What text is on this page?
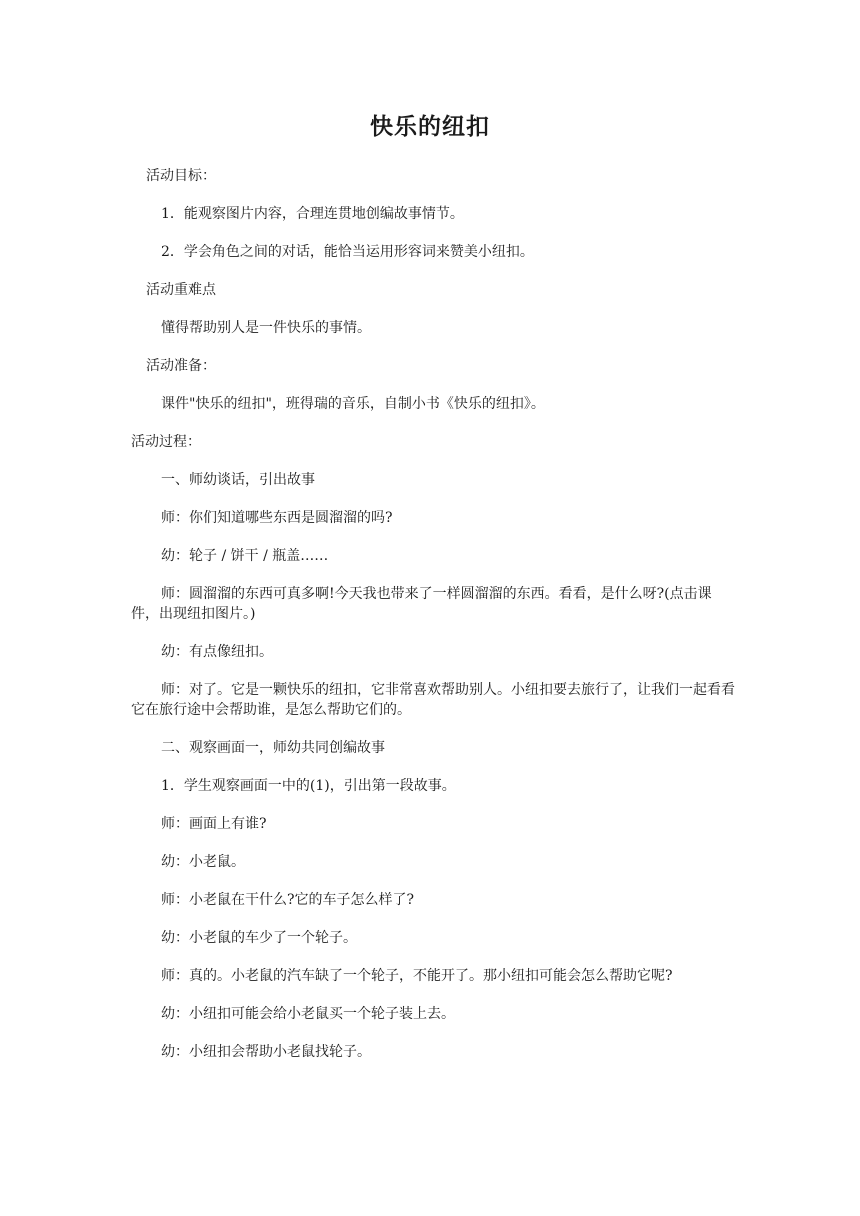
快乐的纽扣

活动目标：

1．能观察图片内容，合理连贯地创编故事情节。

2．学会角色之间的对话，能恰当运用形容词来赞美小纽扣。

活动重难点

懂得帮助别人是一件快乐的事情。

活动准备：

课件"快乐的纽扣"，班得瑞的音乐，自制小书《快乐的纽扣》。

活动过程：

一、师幼谈话，引出故事

师：你们知道哪些东西是圆溜溜的吗?

幼：轮子 / 饼干 / 瓶盖……

师：圆溜溜的东西可真多啊!今天我也带来了一样圆溜溜的东西。看看，是什么呀?(点击课件，出现纽扣图片。)

幼：有点像纽扣。

师：对了。它是一颗快乐的纽扣，它非常喜欢帮助别人。小纽扣要去旅行了，让我们一起看看它在旅行途中会帮助谁，是怎么帮助它们的。

二、观察画面一，师幼共同创编故事

1．学生观察画面一中的(1)，引出第一段故事。

师：画面上有谁?

幼：小老鼠。

师：小老鼠在干什么?它的车子怎么样了?

幼：小老鼠的车少了一个轮子。

师：真的。小老鼠的汽车缺了一个轮子，不能开了。那小纽扣可能会怎么帮助它呢?

幼：小纽扣可能会给小老鼠买一个轮子装上去。

幼：小纽扣会帮助小老鼠找轮子。
